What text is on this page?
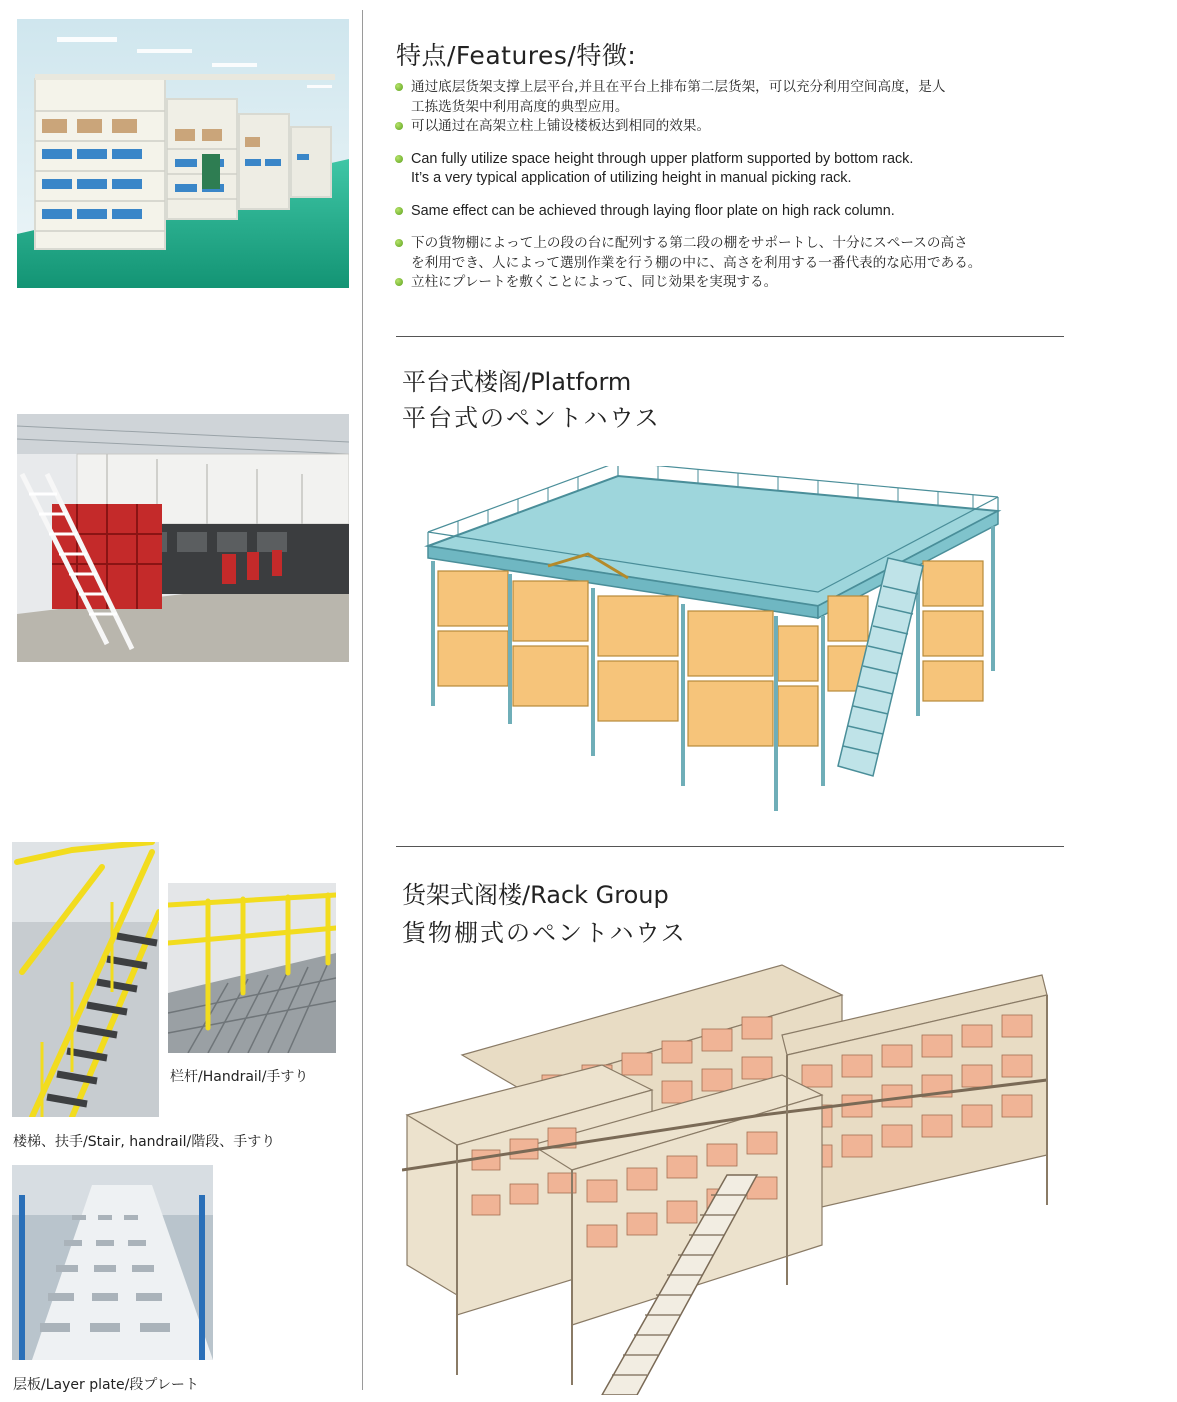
栏杆/Handrail/手すり
楼梯、扶手/Stair, handrail/階段、手すり
层板/Layer plate/段プレート
特点/Features/特徴:
通过底层货架支撑上层平台,并且在平台上排布第二层货架，可以充分利用空间高度，是人
工拣选货架中利用高度的典型应用。
可以通过在高架立柱上铺设楼板达到相同的效果。
Can fully utilize space height through upper platform supported by bottom rack.
It’s a very typical application of utilizing height in manual picking rack.
Same effect can be achieved through laying floor plate on high rack column.
下の貨物棚によって上の段の台に配列する第二段の棚をサポートし、十分にスペースの高さ
を利用でき、人によって選別作業を行う棚の中に、高さを利用する一番代表的な応用である。
立柱にプレートを敷くことによって、同じ効果を実現する。
平台式楼阁/Platform
平台式のペントハウス
货架式阁楼/Rack Group
貨物棚式のペントハウス
